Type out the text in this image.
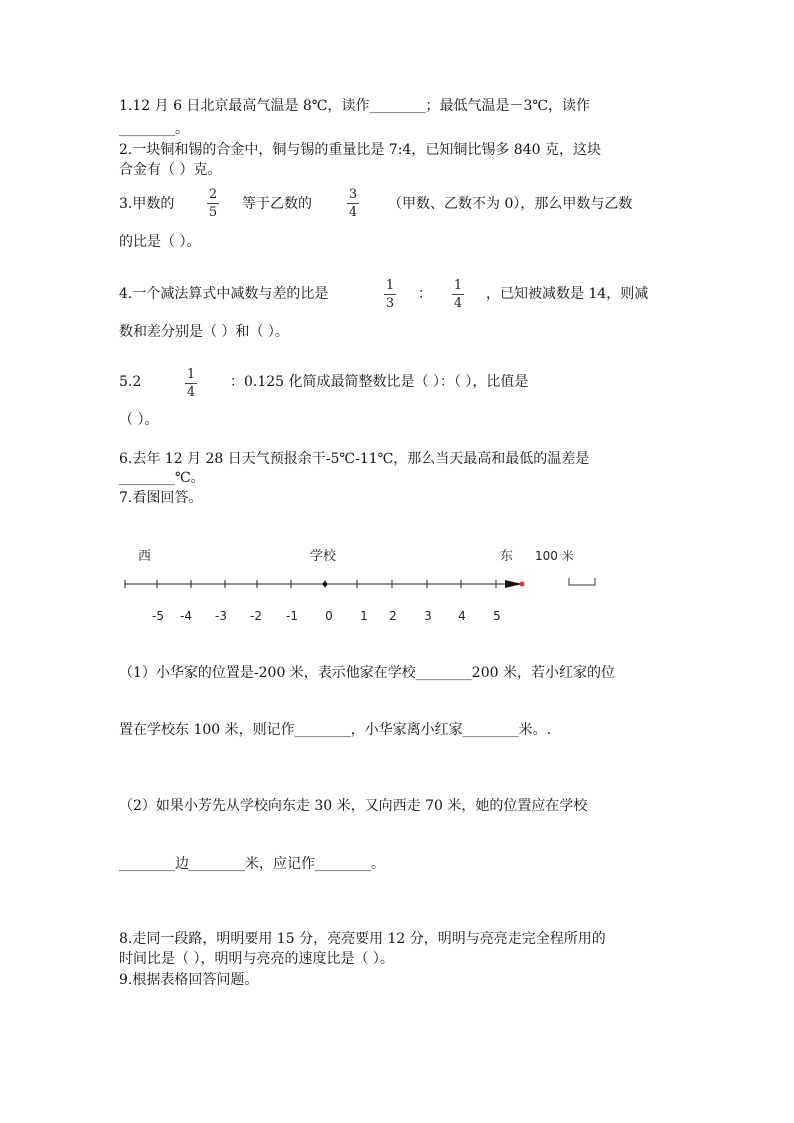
1.12 月 6 日北京最高气温是 8℃，读作________；最低气温是－3℃，读作
________。
2.一块铜和锡的合金中，铜与锡的重量比是 7:4，已知铜比锡多 840 克，这块
合金有（ ）克。
3.甲数的
2
5
等于乙数的
3
4
（甲数、乙数不为 0），那么甲数与乙数
的比是（ ）。
4.一个减法算式中减数与差的比是
1
3
：
1
4
，已知被减数是 14，则减
数和差分别是（ ）和（ ）。
5.2	1
4
：0.125 化简成最简整数比是（ ）：（ ），比值是
（ ）。
6.去年 12 月 28 日天气预报余干-5℃-11℃，那么当天最高和最低的温差是
________℃。
7.看图回答。
西	学校	东 100 米
-5 -4 -3 -2 -1 0 1 2 3 4 5
（1）小华家的位置是-200 米，表示他家在学校________200 米，若小红家的位
置在学校东 100 米，则记作________，小华家离小红家________米。.
（2）如果小芳先从学校向东走 30 米，又向西走 70 米，她的位置应在学校
________边________米，应记作________。
8.走同一段路，明明要用 15 分，亮亮要用 12 分，明明与亮亮走完全程所用的
时间比是（ ），明明与亮亮的速度比是（ ）。
9.根据表格回答问题。
